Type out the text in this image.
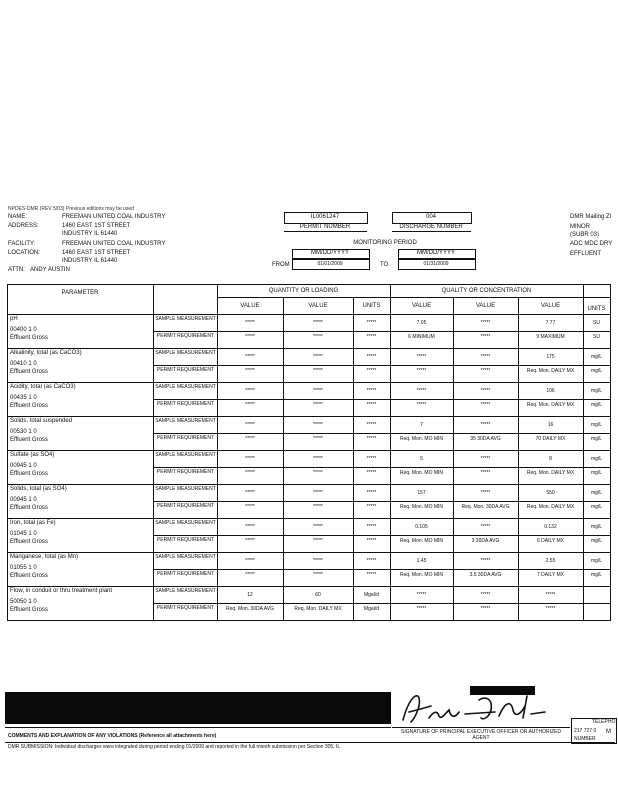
NPDES-DMR (REV 5/03) Previous editions may be used
NAME:	FREEMAN UNITED COAL INDUSTRY
ADDRESS:	1460 EAST 1ST STREET
INDUSTRY IL 61440
FACILITY:	FREEMAN UNITED COAL INDUSTRY
LOCATION:	1460 EAST 1ST STREET
INDUSTRY IL 61440
ATTN: ANDY AUSTIN
IL0061247
PERMIT NUMBER
004
DISCHARGE NUMBER
MONITORING PERIOD
MM/DD/YYYY	MM/DD/YYYY
FROM	01/01/2009	TO	01/31/2009
DMR Mailing ZI
MINOR
(SUBR 03)
ADC MDC DRY
EFFLUENT
PARAMETER	QUANTITY OR LOADING	QUALITY OR CONCENTRATION
VALUE	VALUE	UNITS	VALUE	VALUE	VALUE	UNITS
pH
00400 1 0
Effluent Gross
SAMPLE MEASUREMENT
PERMIT REQUIREMENT
*****	*****	*****	7.05	*****	7.77	SU
*****	*****	*****	6 MINIMUM	*****	9 MAXIMUM	SU
Alkalinity, total (as CaCO3)
00410 1 0
Effluent Gross
SAMPLE MEASUREMENT
PERMIT REQUIREMENT
*****	*****	*****	*****	*****	175	mg/L
*****	*****	*****	*****	*****	Req. Mon. DAILY MX	mg/L
Acidity, total (as CaCO3)
00435 1 0
Effluent Gross
SAMPLE MEASUREMENT
PERMIT REQUIREMENT
*****	*****	*****	*****	*****	106	mg/L
*****	*****	*****	*****	*****	Req. Mon. DAILY MX	mg/L
Solids, total suspended
00530 1 0
Effluent Gross
SAMPLE MEASUREMENT
PERMIT REQUIREMENT
*****	*****	*****	7	*****	16	mg/L
*****	*****	*****	Req. Mon. MO MIN	35 30DA AVG	70 DAILY MX	mg/L
Sulfate (as SO4)
00945 1 0
Effluent Gross
SAMPLE MEASUREMENT
PERMIT REQUIREMENT
*****	*****	*****	5	*****	8	mg/L
*****	*****	*****	Req. Mon. MO MIN	*****	Req. Mon. DAILY MX	mg/L
Solids, total (as SO4)
00945 1 0
Effluent Gross
SAMPLE MEASUREMENT
PERMIT REQUIREMENT
*****	*****	*****	157	*****	550	mg/L
*****	*****	*****	Req. Mon. MO MIN	Req. Mon. 30DA AVG	Req. Mon. DAILY MX	mg/L
Iron, total (as Fe)
01045 1 0
Effluent Gross
SAMPLE MEASUREMENT
PERMIT REQUIREMENT
*****	*****	*****	0.105	*****	0.132	mg/L
*****	*****	*****	Req. Mon. MO MIN	3 30DA AVG	6 DAILY MX	mg/L
Manganese, total (as Mn)
01055 1 0
Effluent Gross
SAMPLE MEASUREMENT
PERMIT REQUIREMENT
*****	*****	*****	1.45	*****	2.55	mg/L
*****	*****	*****	Req. Mon. MO MIN	3.5 30DA AVG	7 DAILY MX	mg/L
Flow, in conduit or thru treatment plant
50050 1 0
Effluent Gross
SAMPLE MEASUREMENT
PERMIT REQUIREMENT
12	60	Mgal/d	*****	*****	*****
Req. Mon. 30DA AVG	Req. Mon. DAILY MX	Mgal/d	*****	*****	*****
SIGNATURE OF PRINCIPAL EXECUTIVE OFFICER OR AUTHORIZED AGENT
TELEPHO
217 727 0
NUMBER
M
COMMENTS AND EXPLANATION OF ANY VIOLATIONS (Reference all attachments here)
DMR SUBMISSION: Individual discharges were integrated during period ending 01/2009 and reported in the full month submission per Section 305, IL
